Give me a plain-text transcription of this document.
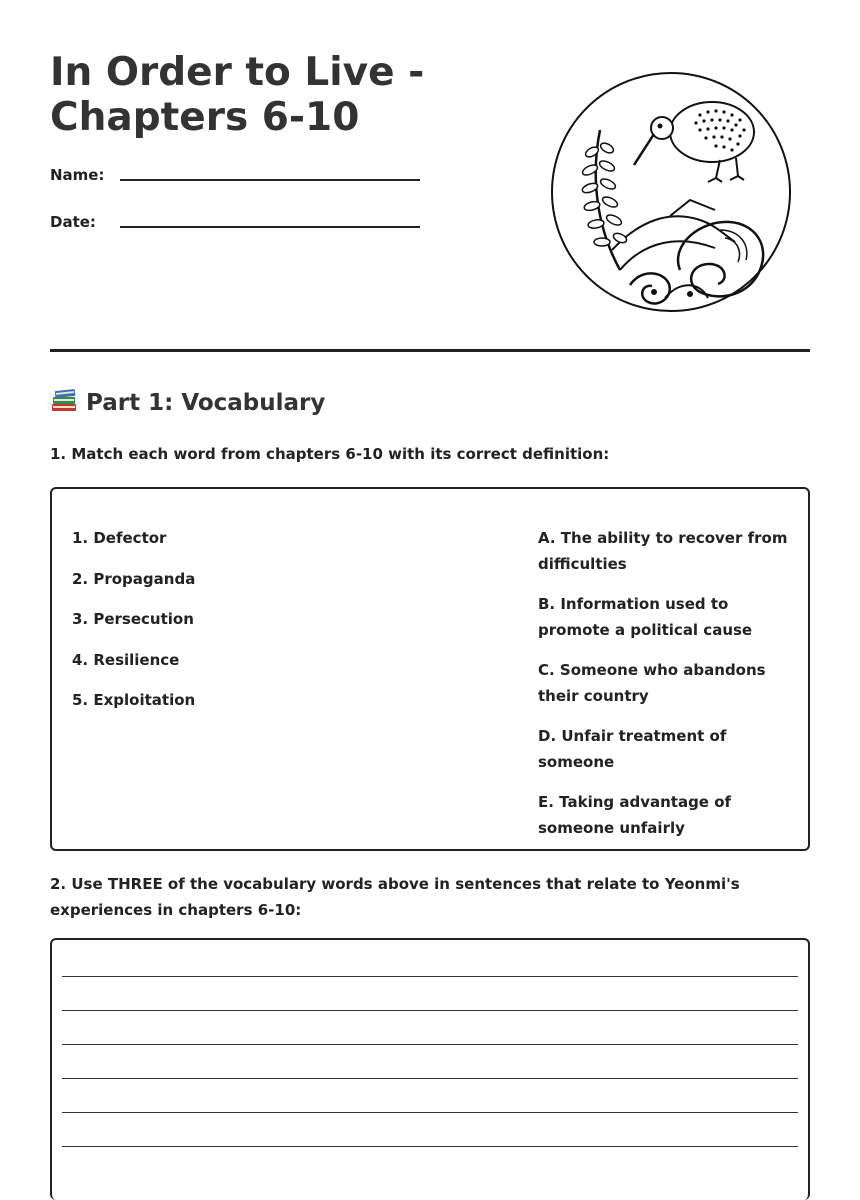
In Order to Live - Chapters 6-10
Name:
Date:
Part 1: Vocabulary
1. Match each word from chapters 6-10 with its correct definition:
1. Defector
2. Propaganda
3. Persecution
4. Resilience
5. Exploitation
A. The ability to recover from difficulties
B. Information used to promote a political cause
C. Someone who abandons their country
D. Unfair treatment of someone
E. Taking advantage of someone unfairly
2. Use THREE of the vocabulary words above in sentences that relate to Yeonmi's experiences in chapters 6-10:
